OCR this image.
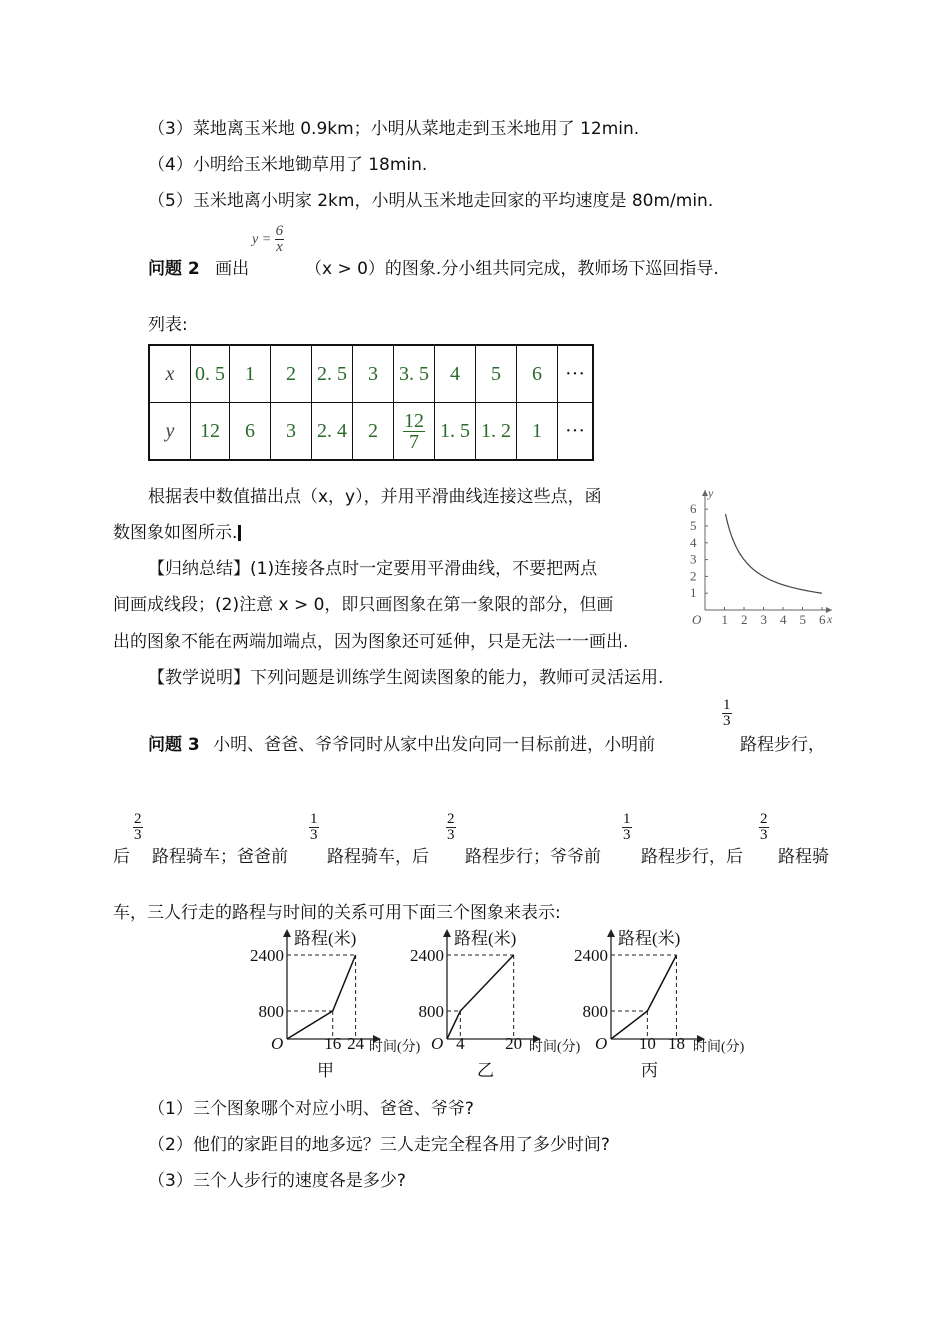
（3）菜地离玉米地 0.9km；小明从菜地走到玉米地用了 12min.
（4）小明给玉米地锄草用了 18min.
（5）玉米地离小明家 2km，小明从玉米地走回家的平均速度是 80m/min.
问题 2 画出
$y = \frac{6}{x}$
（x > 0）的图象.分小组共同完成，教师场下巡回指导.
列表:
x	0. 5	1	2	2. 5	3	3. 5	4	5	6	···
y	12	6	3	2. 4	2	$\frac{12}{7}$	1. 5	1. 2	1	···
根据表中数值描出点（x，y），并用平滑曲线连接这些点，函
数图象如图所示.
【归纳总结】(1)连接各点时一定要用平滑曲线，不要把两点
间画成线段；(2)注意 x > 0，即只画图象在第一象限的部分，但画
出的图象不能在两端加端点，因为图象还可延伸，只是无法一一画出.
【教学说明】下列问题是训练学生阅读图象的能力，教师可灵活运用.
x
y
O 1 2 3 4 5 6
1
2
3
4
5
6
问题 3 小明、爸爸、爷爷同时从家中出发向同一目标前进，小明前
$\frac{1}{3}$
路程步行，
后
$\frac{2}{3}$
路程骑车；爸爸前
$\frac{1}{3}$
路程骑车，后
$\frac{2}{3}$
路程步行；爷爷前
$\frac{1}{3}$
路程步行，后
$\frac{2}{3}$
路程骑
车，三人行走的路程与时间的关系可用下面三个图象来表示:
路程(米)
时间(分)
O
甲
800
2400
16 24
路程(米)
时间(分)
O
乙
800
2400
4 20
路程(米)
时间(分)
O
丙
800
2400
10 18
（1）三个图象哪个对应小明、爸爸、爷爷?
（2）他们的家距目的地多远？三人走完全程各用了多少时间?
（3）三个人步行的速度各是多少?
